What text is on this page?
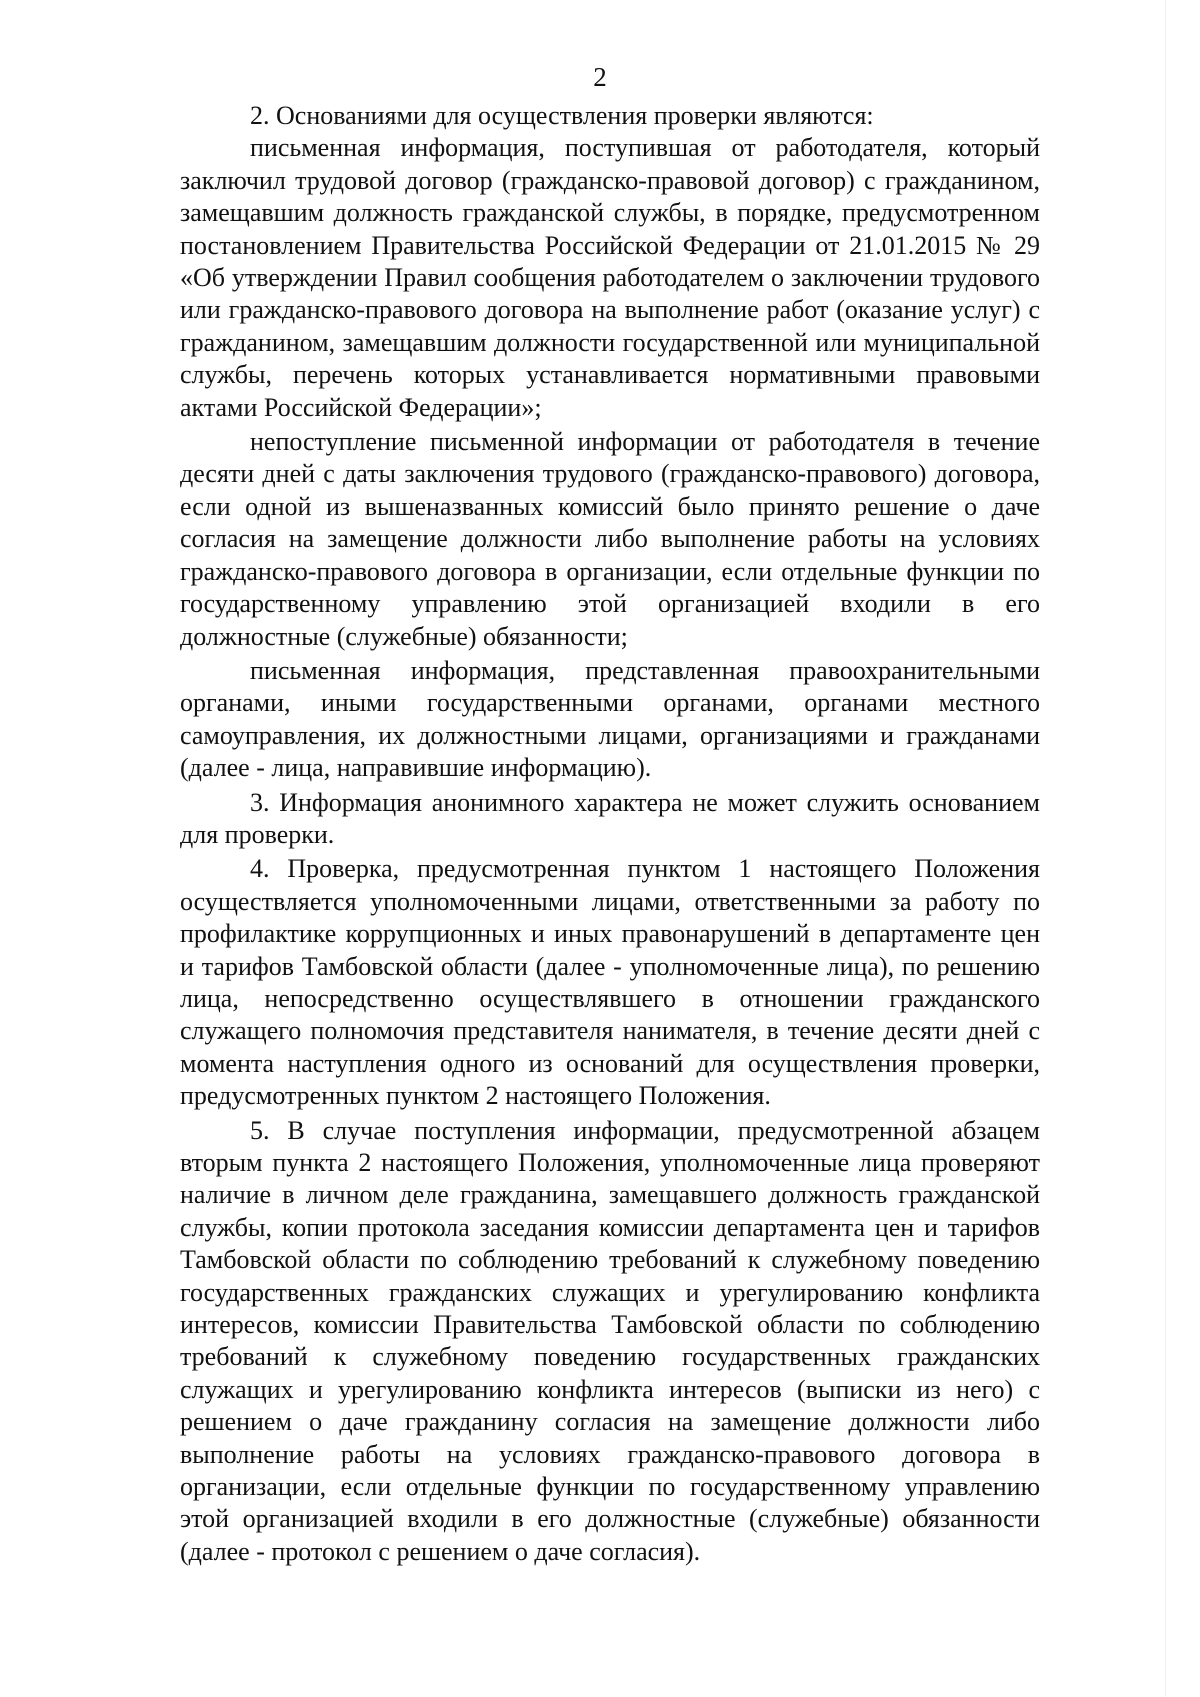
2

2. Основаниями для осуществления проверки являются:

письменная информация, поступившая от работодателя, который заключил трудовой договор (гражданско-правовой договор) с гражданином, замещавшим должность гражданской службы, в порядке, предусмотренном постановлением Правительства Российской Федерации от 21.01.2015 № 29 «Об утверждении Правил сообщения работодателем о заключении трудового или гражданско-правового договора на выполнение работ (оказание услуг) с гражданином, замещавшим должности государственной или муниципальной службы, перечень которых устанавливается нормативными правовыми актами Российской Федерации»;

непоступление письменной информации от работодателя в течение десяти дней с даты заключения трудового (гражданско-правового) договора, если одной из вышеназванных комиссий было принято решение о даче согласия на замещение должности либо выполнение работы на условиях гражданско-правового договора в организации, если отдельные функции по государственному управлению этой организацией входили в его должностные (служебные) обязанности;

письменная информация, представленная правоохранительными органами, иными государственными органами, органами местного самоуправления, их должностными лицами, организациями и гражданами (далее - лица, направившие информацию).

3. Информация анонимного характера не может служить основанием для проверки.

4. Проверка, предусмотренная пунктом 1 настоящего Положения осуществляется уполномоченными лицами, ответственными за работу по профилактике коррупционных и иных правонарушений в департаменте цен и тарифов Тамбовской области (далее - уполномоченные лица), по решению лица, непосредственно осуществлявшего в отношении гражданского служащего полномочия представителя нанимателя, в течение десяти дней с момента наступления одного из оснований для осуществления проверки, предусмотренных пунктом 2 настоящего Положения.

5. В случае поступления информации, предусмотренной абзацем вторым пункта 2 настоящего Положения, уполномоченные лица проверяют наличие в личном деле гражданина, замещавшего должность гражданской службы, копии протокола заседания комиссии департамента цен и тарифов Тамбовской области по соблюдению требований к служебному поведению государственных гражданских служащих и урегулированию конфликта интересов, комиссии Правительства Тамбовской области по соблюдению требований к служебному поведению государственных гражданских служащих и урегулированию конфликта интересов (выписки из него) с решением о даче гражданину согласия на замещение должности либо выполнение работы на условиях гражданско-правового договора в организации, если отдельные функции по государственному управлению этой организацией входили в его должностные (служебные) обязанности (далее - протокол с решением о даче согласия).
